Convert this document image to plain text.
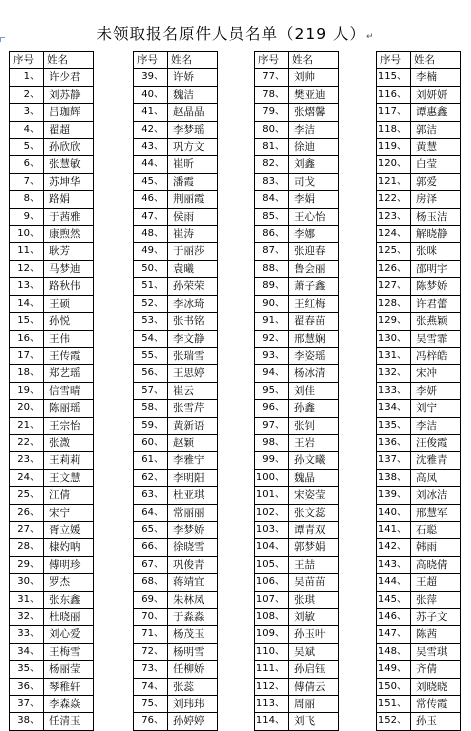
未领取报名原件人员名单（219 人）↵
序号	姓名
1、	许少君
2、	刘苏静
3、	吕珈辉
4、	翟超
5、	孙欣欣
6、	张慧敏
7、	苏坤华
8、	路娟
9、	于茜雅
10、	康煦然
11、	耿芳
12、	马梦迪
13、	路秋伟
14、	王硕
15、	孙悦
16、	王伟
17、	王传霞
18、	郑艺瑶
19、	信雪晴
20、	陈丽瑶
21、	王宗怡
22、	张溦
23、	王莉莉
24、	王文慧
25、	江倩
26、	宋宁
27、	胥立媛
28、	棣妁呐
29、	傅明珍
30、	罗杰
31、	张东鑫
32、	杜晓丽
33、	刘心爱
34、	王梅雪
35、	杨丽莹
36、	琴稚轩
37、	李森焱
38、	任清玉
序号	姓名
39、	许娇
40、	魏洁
41、	赵晶晶
42、	李梦瑶
43、	巩方文
44、	崔昕
45、	潘霞
46、	荆丽霞
47、	侯雨
48、	崔涛
49、	于丽莎
50、	袁曦
51、	孙荣荣
52、	李冰琦
53、	张书铭
54、	李文静
55、	张瑞雪
56、	王思婷
57、	崔云
58、	张雪芹
59、	黄新语
60、	赵颖
61、	李雅宁
62、	李明阳
63、	杜亚琪
64、	常丽丽
65、	李梦娇
66、	徐晓雪
67、	巩俊青
68、	蒋靖宜
69、	朱林凤
70、	于淼淼
71、	杨茂玉
72、	杨明雪
73、	任柳娇
74、	张蕊
75、	刘玮玮
76、	孙婷婷
序号	姓名
77、	刘帅
78、	樊亚迪
79、	张熠馨
80、	李洁
81、	徐迪
82、	刘鑫
83、	司戈
84、	李娟
85、	王心怡
86、	李娜
87、	张迎春
88、	鲁会丽
89、	萧子鑫
90、	王红梅
91、	翟春苗
92、	邢慧娴
93、	李姿瑶
94、	杨冰清
95、	刘佳
96、	孙鑫
97、	张钊
98、	王岩
99、	孙文曦
100、	魏晶
101、	宋姿莹
102、	张文蕊
103、	谭青双
104、	郭梦娟
105、	王喆
106、	吴苗苗
107、	张琪
108、	刘敏
109、	孙玉叶
110、	吴斌
111、	孙启钰
112、	傅倩云
113、	周丽
114、	刘飞
序号	姓名
115、	李楠
116、	刘妍妍
117、	谭惠鑫
118、	郭洁
119、	黄慧
120、	白莹
121、	郭爱
122、	房泽
123、	杨玉洁
124、	解晓静
125、	张咪
126、	邵明宇
127、	陈梦娇
128、	许君蕾
129、	张燕颖
130、	吴雪霏
131、	冯梓皓
132、	宋冲
133、	李妍
134、	刘宁
135、	李洁
136、	汪俊霞
137、	沈雅青
138、	高凤
139、	刘冰洁
140、	邢慧军
141、	石聪
142、	韩雨
143、	高晓倩
144、	王超
145、	张萍
146、	苏子文
147、	陈茜
148、	吴雪琪
149、	齐倩
150、	刘晓晓
151、	常传霞
152、	孙玉
